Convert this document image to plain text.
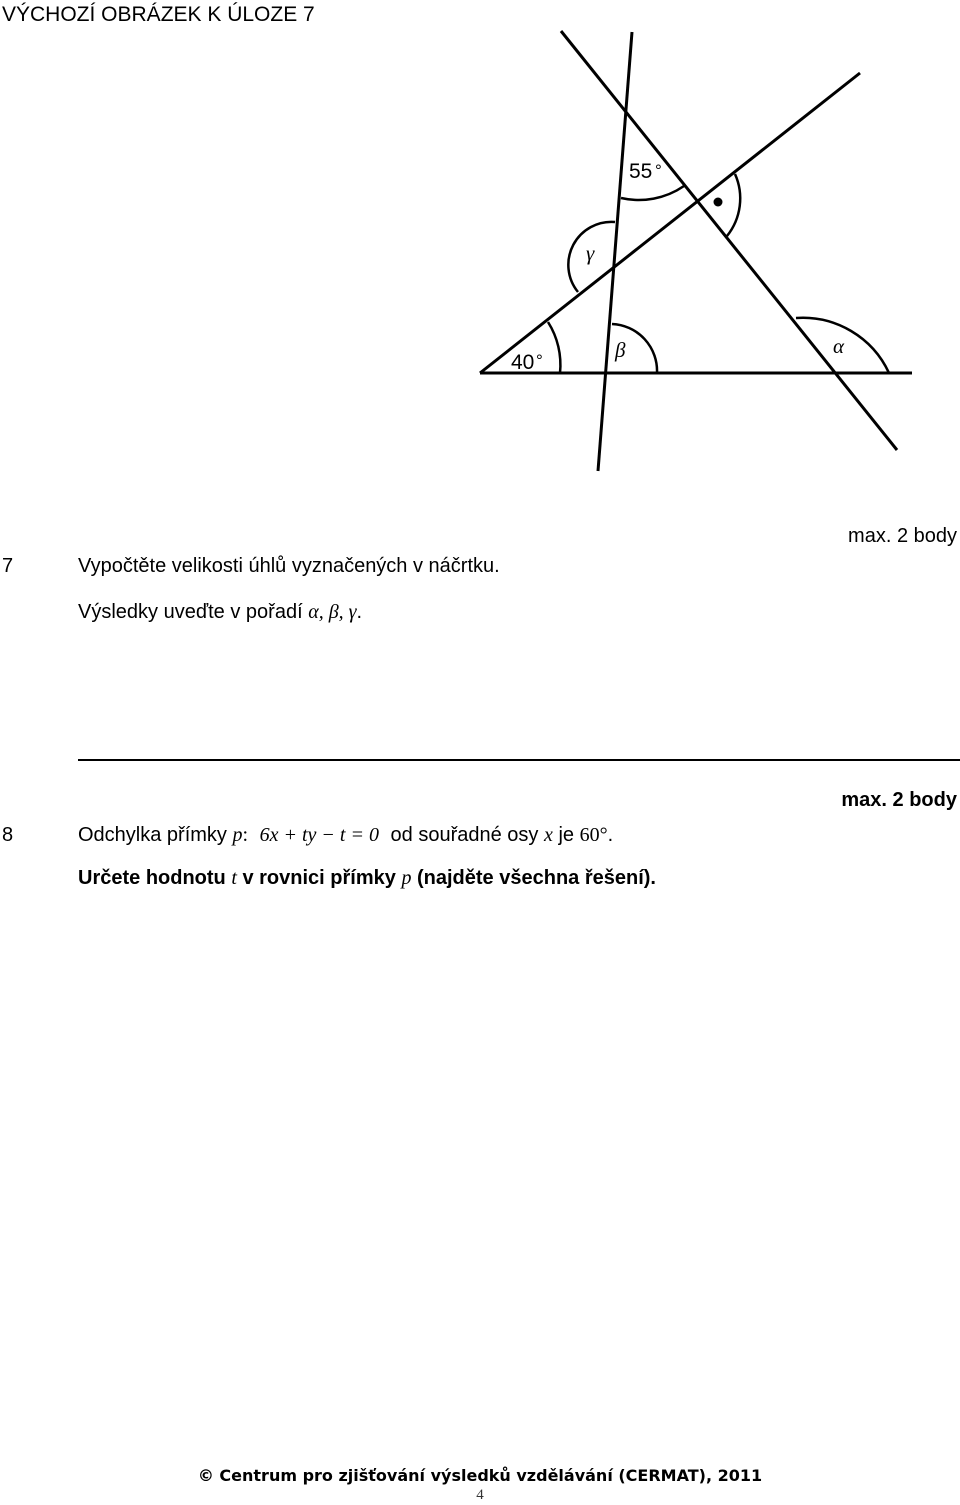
VÝCHOZÍ OBRÁZEK K ÚLOZE 7
55 °
40 °
γ
β	α
7	Vypočtěte velikosti úhlů vyznačených v náčrtku.
max. 2 body
Výsledky uveďte v pořadí α, β, γ.
max. 2 body
8	Odchylka přímky p: 6x + ty − t = 0 od souřadné osy x je 60°.
Určete hodnotu t v rovnici přímky p (najděte všechna řešení).
© Centrum pro zjišťování výsledků vzdělávání (CERMAT), 2011
4
